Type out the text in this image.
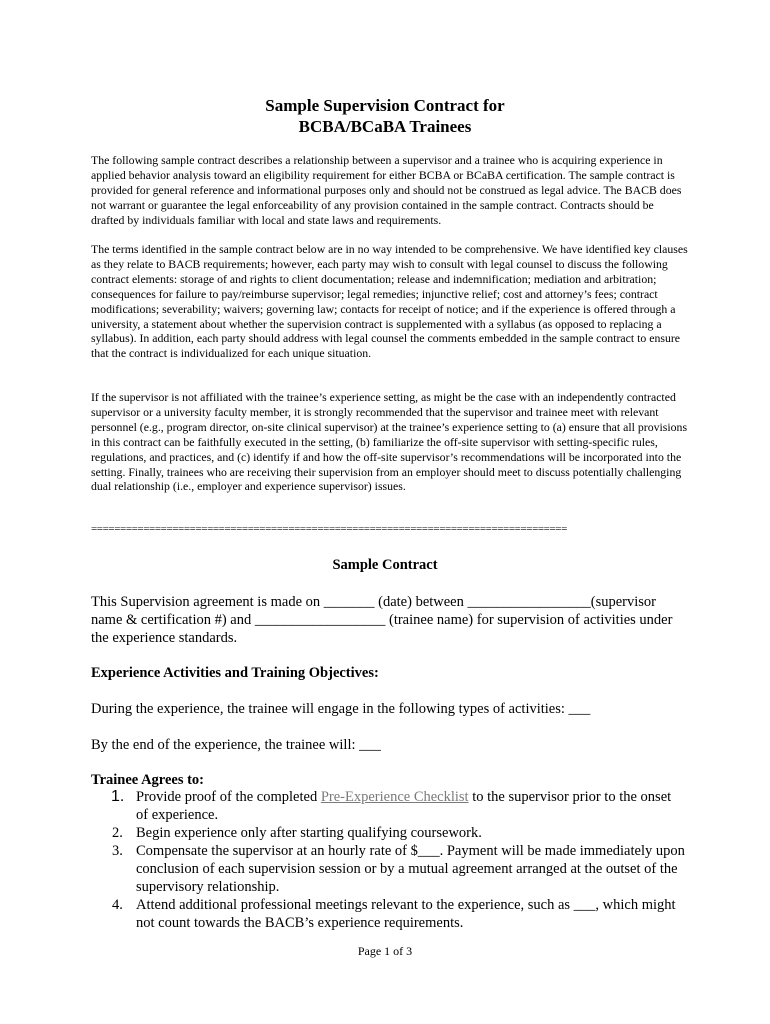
Sample Supervision Contract for
BCBA/BCaBA Trainees

The following sample contract describes a relationship between a supervisor and a trainee who is acquiring experience in applied behavior analysis toward an eligibility requirement for either BCBA or BCaBA certification. The sample contract is provided for general reference and informational purposes only and should not be construed as legal advice. The BACB does not warrant or guarantee the legal enforceability of any provision contained in the sample contract. Contracts should be drafted by individuals familiar with local and state laws and requirements.

The terms identified in the sample contract below are in no way intended to be comprehensive. We have identified key clauses as they relate to BACB requirements; however, each party may wish to consult with legal counsel to discuss the following contract elements: storage of and rights to client documentation; release and indemnification; mediation and arbitration; consequences for failure to pay/reimburse supervisor; legal remedies; injunctive relief; cost and attorney’s fees; contract modifications; severability; waivers; governing law; contacts for receipt of notice; and if the experience is offered through a university, a statement about whether the supervision contract is supplemented with a syllabus (as opposed to replacing a syllabus). In addition, each party should address with legal counsel the comments embedded in the sample contract to ensure that the contract is individualized for each unique situation.

If the supervisor is not affiliated with the trainee’s experience setting, as might be the case with an independently contracted supervisor or a university faculty member, it is strongly recommended that the supervisor and trainee meet with relevant personnel (e.g., program director, on-site clinical supervisor) at the trainee’s experience setting to (a) ensure that all provisions in this contract can be faithfully executed in the setting, (b) familiarize the off-site supervisor with setting-specific rules, regulations, and practices, and (c) identify if and how the off-site supervisor’s recommendations will be incorporated into the setting. Finally, trainees who are receiving their supervision from an employer should meet to discuss potentially challenging dual relationship (i.e., employer and experience supervisor) issues.

==================================================================================
Sample Contract

This Supervision agreement is made on _______ (date) between _________________(supervisor name & certification #) and __________________ (trainee name) for supervision of activities under the experience standards.

Experience Activities and Training Objectives:

During the experience, the trainee will engage in the following types of activities: ___

By the end of the experience, the trainee will: ___

Trainee Agrees to:

1. Provide proof of the completed Pre-Experience Checklist to the supervisor prior to the onset of experience.
2. Begin experience only after starting qualifying coursework.
3. Compensate the supervisor at an hourly rate of $___. Payment will be made immediately upon conclusion of each supervision session or by a mutual agreement arranged at the outset of the supervisory relationship.
4. Attend additional professional meetings relevant to the experience, such as ___, which might not count towards the BACB’s experience requirements.
Page 1 of 3
